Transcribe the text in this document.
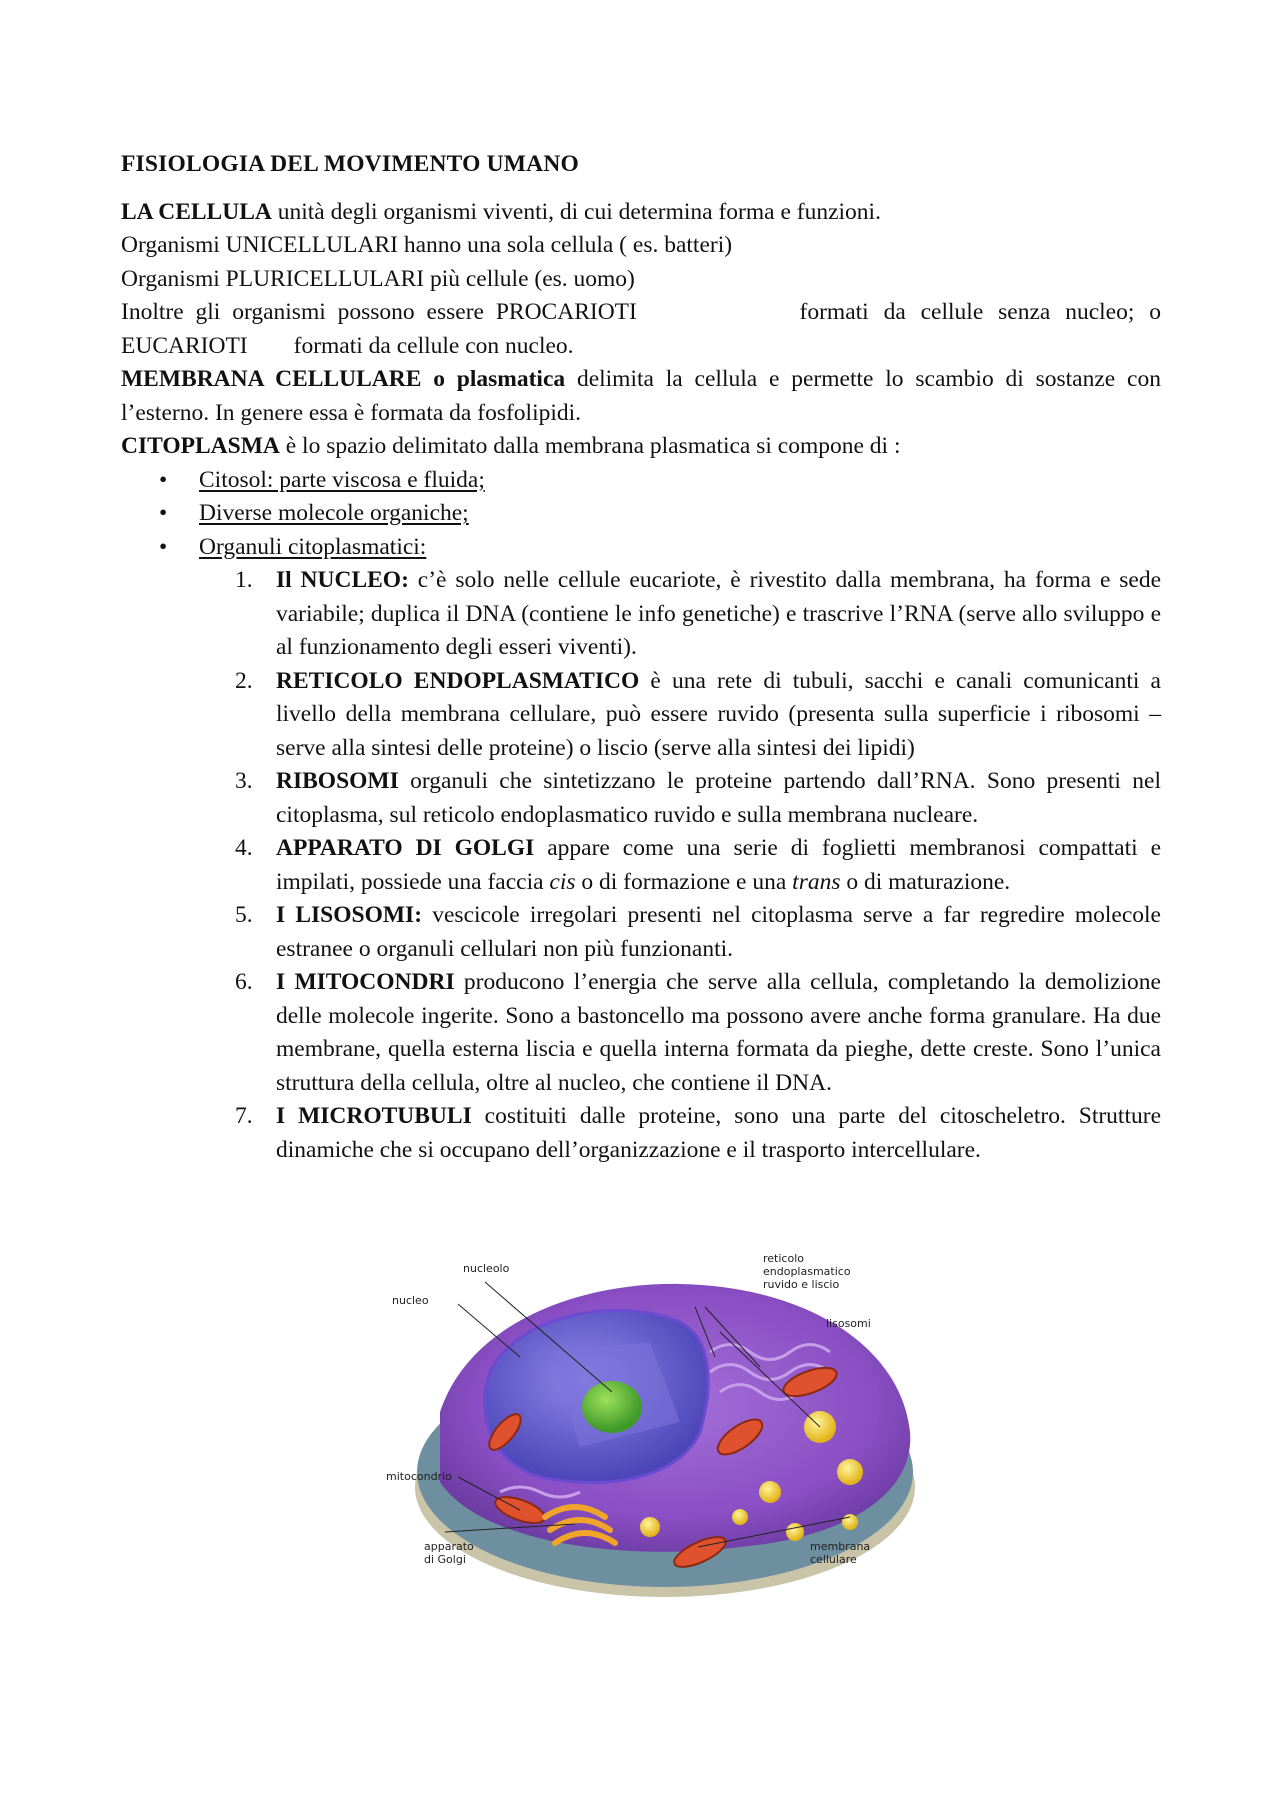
FISIOLOGIA DEL MOVIMENTO UMANO

LA CELLULA unità degli organismi viventi, di cui determina forma e funzioni.

Organismi UNICELLULARI hanno una sola cellula ( es. batteri)

Organismi PLURICELLULARI più cellule (es. uomo)

Inoltre gli organismi possono essere PROCARIOTI	formati da cellule senza nucleo; o

EUCARIOTI formati da cellule con nucleo.

MEMBRANA CELLULARE o plasmatica delimita la cellula e permette lo scambio di sostanze con l’esterno. In genere essa è formata da fosfolipidi.

CITOPLASMA è lo spazio delimitato dalla membrana plasmatica si compone di :

• Citosol: parte viscosa e fluida;
• Diverse molecole organiche;
• Organuli citoplasmatici:
1. Il NUCLEO: c’è solo nelle cellule eucariote, è rivestito dalla membrana, ha forma e sede variabile; duplica il DNA (contiene le info genetiche) e trascrive l’RNA (serve allo sviluppo e al funzionamento degli esseri viventi).
2. RETICOLO ENDOPLASMATICO è una rete di tubuli, sacchi e canali comunicanti a livello della membrana cellulare, può essere ruvido (presenta sulla superficie i ribosomi – serve alla sintesi delle proteine) o liscio (serve alla sintesi dei lipidi)
3. RIBOSOMI organuli che sintetizzano le proteine partendo dall’RNA. Sono presenti nel citoplasma, sul reticolo endoplasmatico ruvido e sulla membrana nucleare.
4. APPARATO DI GOLGI appare come una serie di foglietti membranosi compattati e impilati, possiede una faccia cis o di formazione e una trans o di maturazione.
5. I LISOSOMI: vescicole irregolari presenti nel citoplasma serve a far regredire molecole estranee o organuli cellulari non più funzionanti.
6. I MITOCONDRI producono l’energia che serve alla cellula, completando la demolizione delle molecole ingerite. Sono a bastoncello ma possono avere anche forma granulare. Ha due membrane, quella esterna liscia e quella interna formata da pieghe, dette creste. Sono l’unica struttura della cellula, oltre al nucleo, che contiene il DNA.
7. I MICROTUBULI costituiti dalle proteine, sono una parte del citoscheletro. Strutture dinamiche che si occupano dell’organizzazione e il trasporto intercellulare.
nucleolo
nucleo
reticolo
endoplasmatico
ruvido e liscio
lisosomi
mitocondrio
apparato
di Golgi
membrana
cellulare
